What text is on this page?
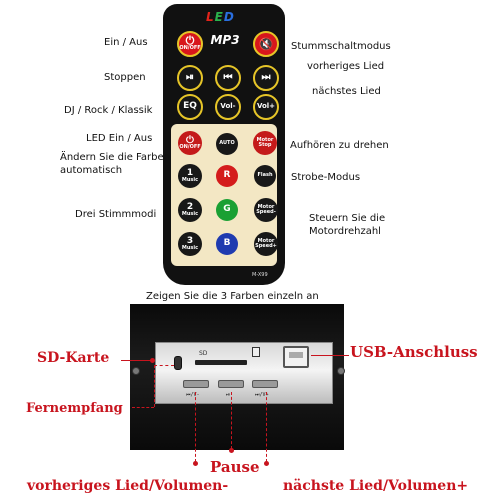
LED
MP3
⏻
ON/OFF	🔇
⏯	⏮	⏭
EQ	Vol-	Vol+
⏻
ON/OFF
AUTO
Motor Stop
1
Music	R	Flash
2
Music	G	Motor Speed-
3
Music	B	Motor Speed+
M-X99
Ein / Aus
Stoppen
DJ / Rock / Klassik
LED Ein / Aus
Ändern Sie die Farben automatisch
Drei Stimmmodi
Stummschaltmodus
vorheriges Lied
nächstes Lied
Aufhören zu drehen
Strobe-Modus
Steuern Sie die Motordrehzahl
Zeigen Sie die 3 Farben einzeln an
SD
⏮/V-	⏯	⏭/V+
SD-Karte
Fernempfang
USB-Anschluss
Pause
vorheriges Lied/Volumen-	nächste Lied/Volumen+
